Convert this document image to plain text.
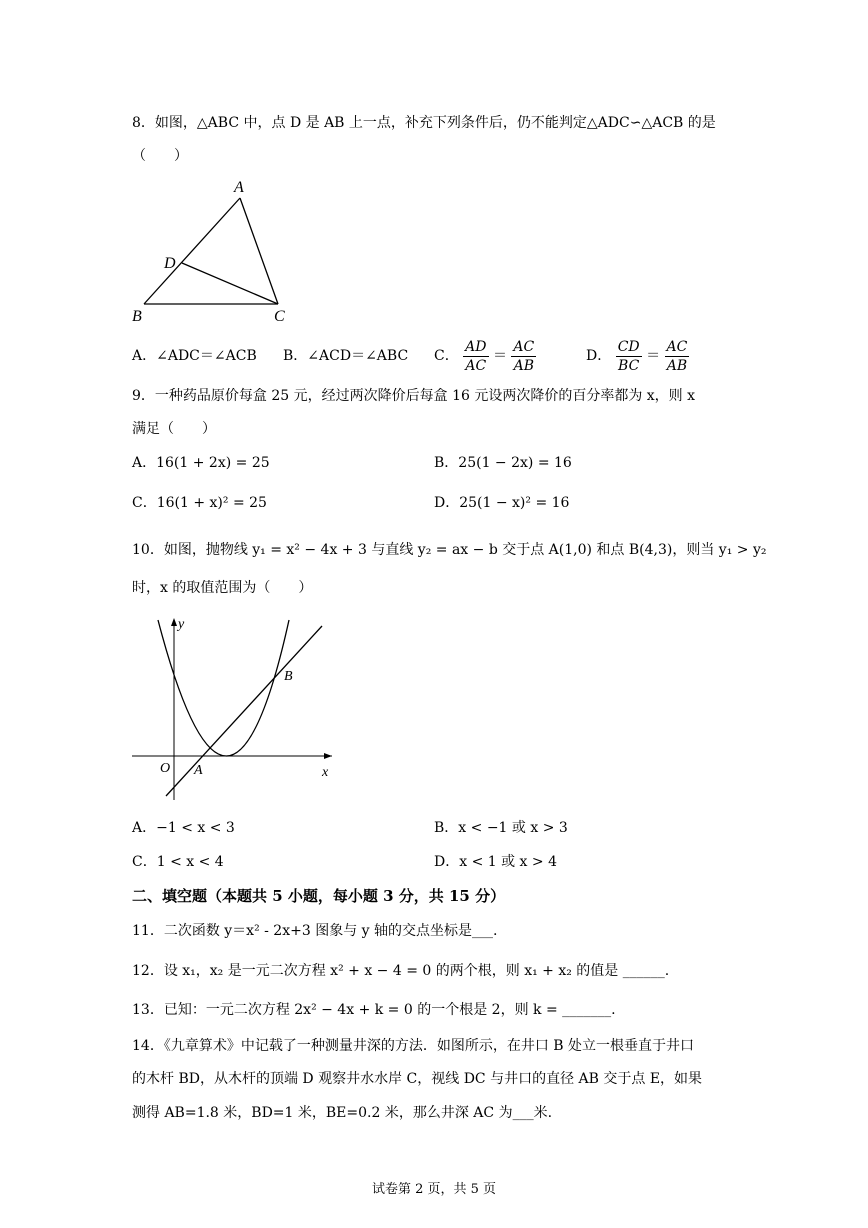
8．如图，△ABC 中，点 D 是 AB 上一点，补充下列条件后，仍不能判定△ADC∽△ACB 的是
（　　）
A
D
B	C
A．∠ADC＝∠ACB B．∠ACD＝∠ABC C． $\frac{AD}{AC} = \frac{AC}{AB}$	D． $\frac{CD}{BC} = \frac{AC}{AB}$
9．一种药品原价每盒 25 元，经过两次降价后每盒 16 元设两次降价的百分率都为 x，则 x
满足（　　）
A．16(1 + 2x) = 25	B．25(1 − 2x) = 16
C．16(1 + x)² = 25	D．25(1 − x)² = 16
10．如图，抛物线 y₁ = x² − 4x + 3 与直线 y₂ = ax − b 交于点 A(1,0) 和点 B(4,3)，则当 y₁ > y₂
时，x 的取值范围为（　　）
y
x
O A
B
A．−1 < x < 3	B．x < −1 或 x > 3
C．1 < x < 4	D．x < 1 或 x > 4
二、填空题（本题共 5 小题，每小题 3 分，共 15 分）
11．二次函数 y＝x² - 2x+3 图象与 y 轴的交点坐标是___.
12．设 x₁，x₂ 是一元二次方程 x² + x − 4 = 0 的两个根，则 x₁ + x₂ 的值是 ______.
13．已知：一元二次方程 2x² − 4x + k = 0 的一个根是 2，则 k = _______.
14．《九章算术》中记载了一种测量井深的方法．如图所示，在井口 B 处立一根垂直于井口
的木杆 BD，从木杆的顶端 D 观察井水水岸 C，视线 DC 与井口的直径 AB 交于点 E，如果
测得 AB=1.8 米，BD=1 米，BE=0.2 米，那么井深 AC 为___米.
试卷第 2 页，共 5 页
